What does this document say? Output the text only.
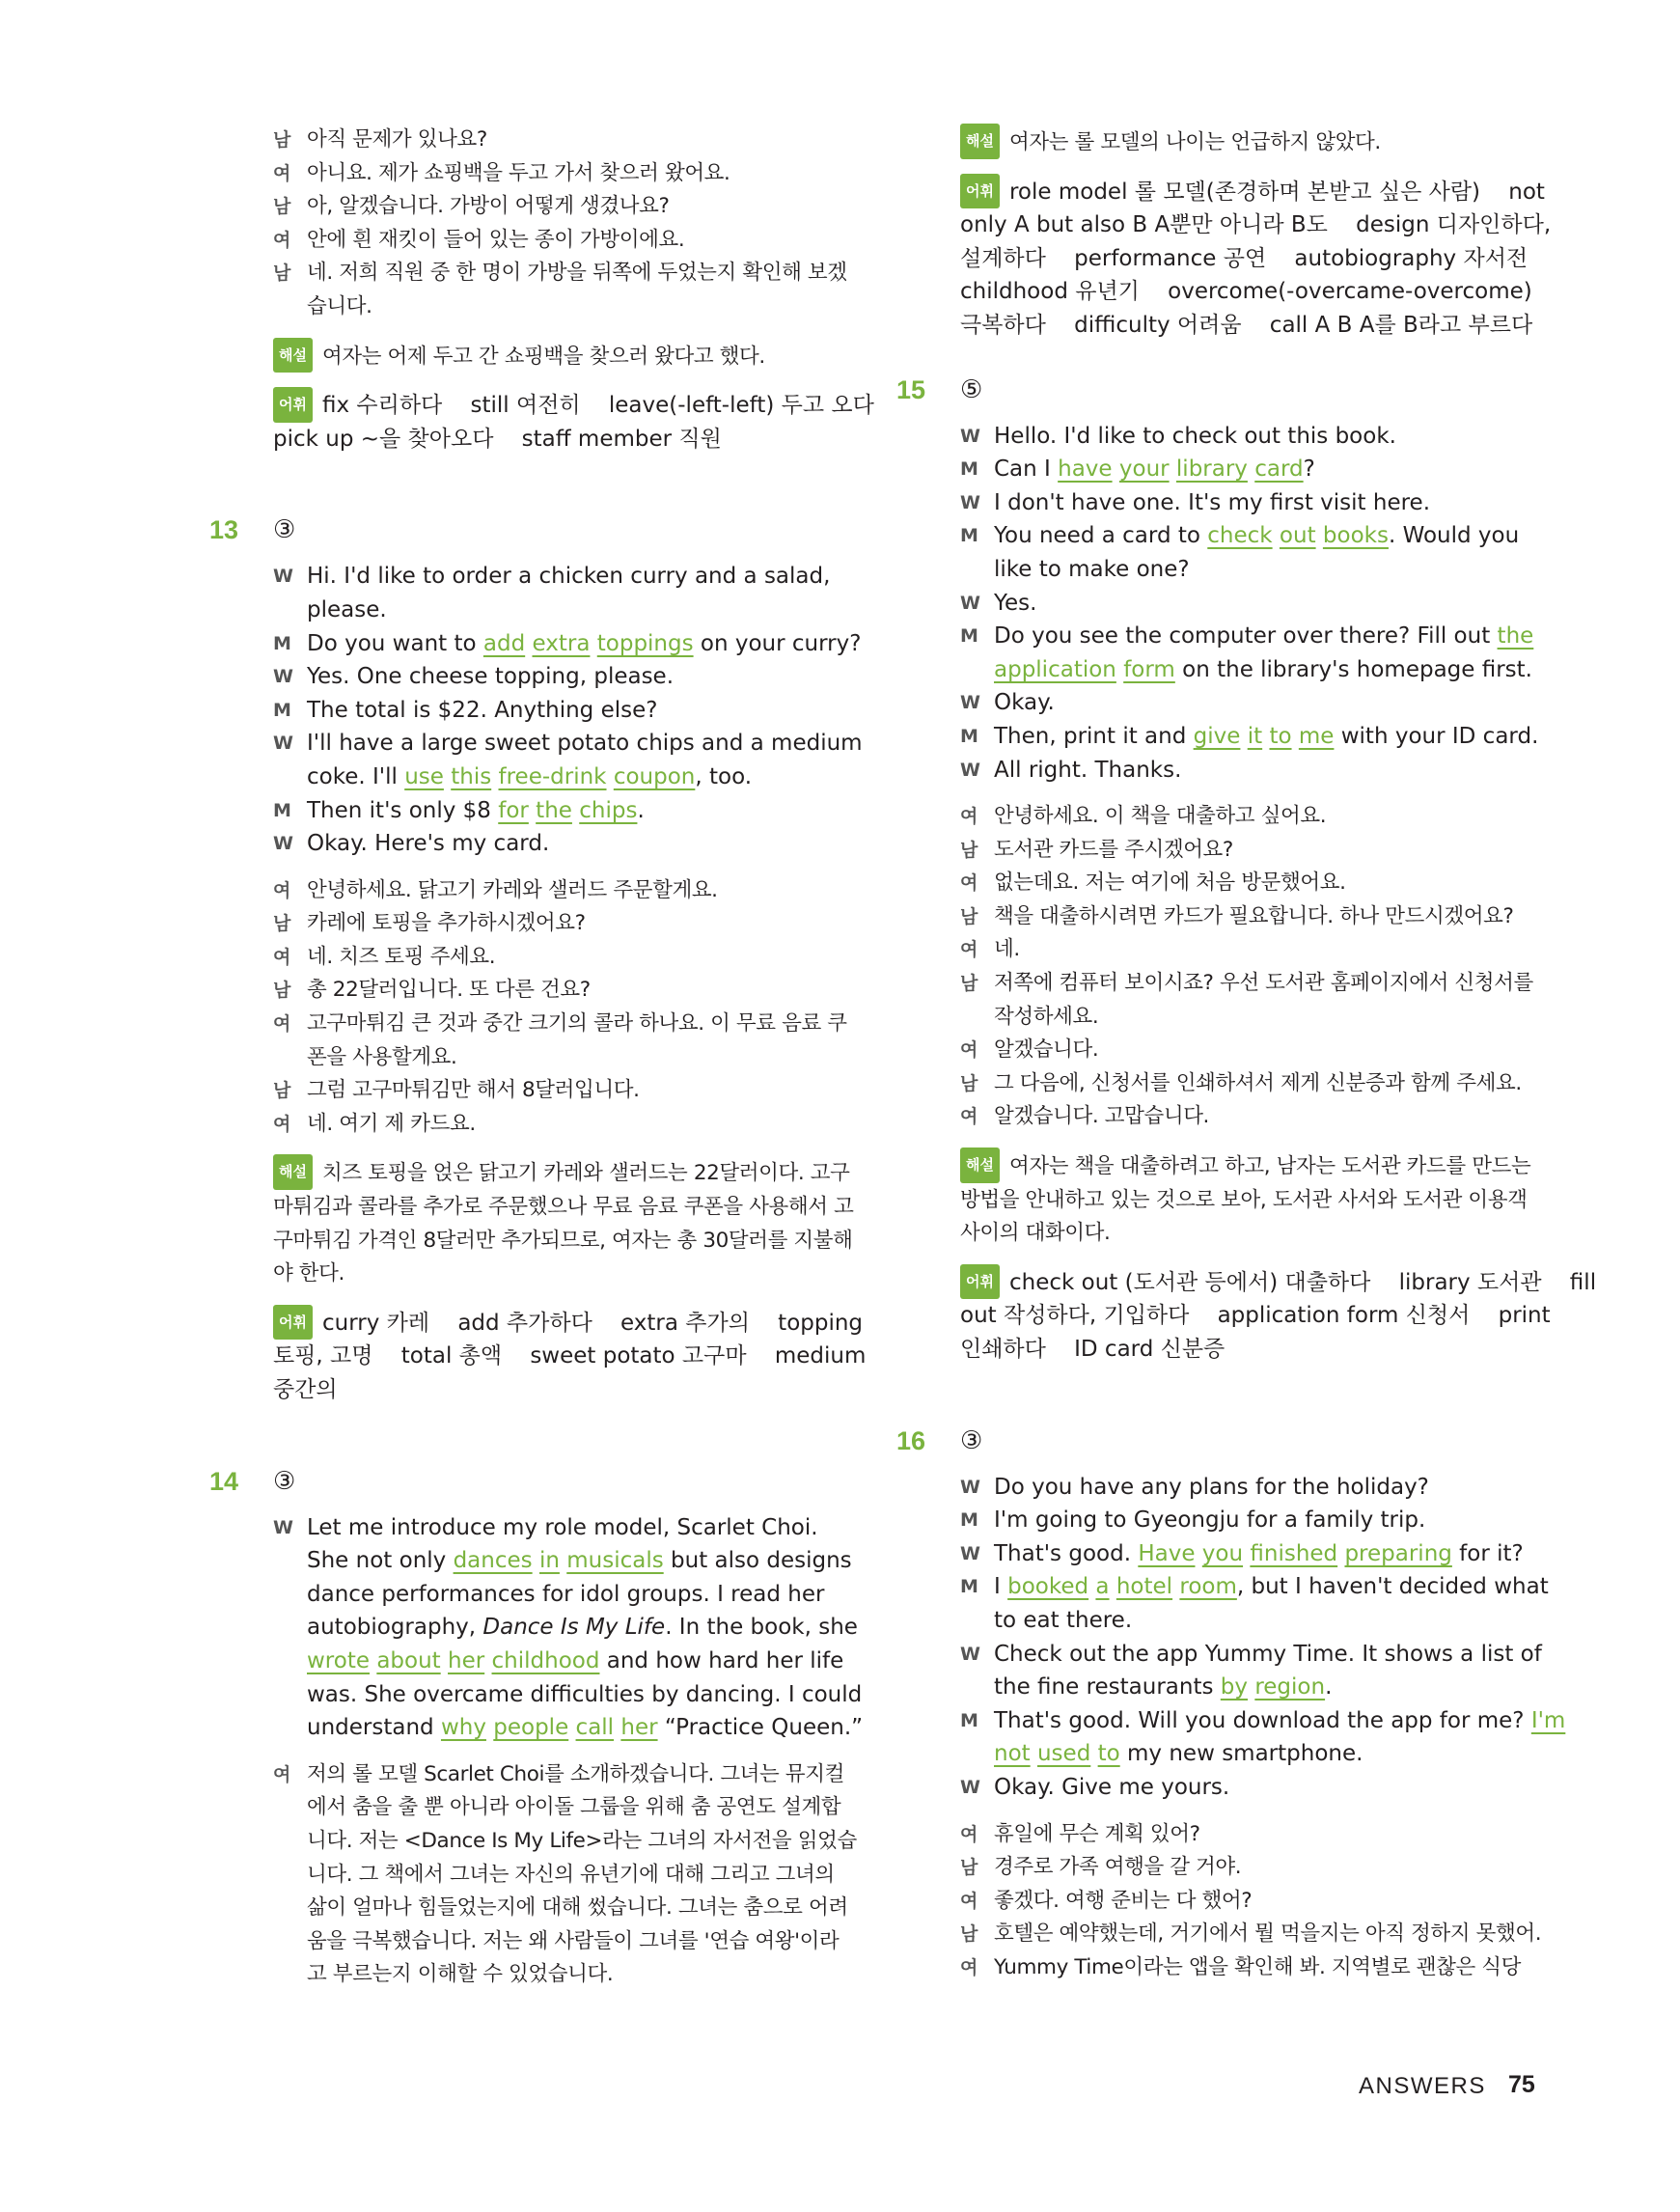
남 아직 문제가 있나요?
여 아니요. 제가 쇼핑백을 두고 가서 찾으러 왔어요.
남 아, 알겠습니다. 가방이 어떻게 생겼나요?
여 안에 흰 재킷이 들어 있는 종이 가방이에요.
남 네. 저희 직원 중 한 명이 가방을 뒤쪽에 두었는지 확인해 보겠
습니다.
해설 여자는 어제 두고 간 쇼핑백을 찾으러 왔다고 했다.
어휘 fix 수리하다    still 여전히    leave(-left-left) 두고 오다
pick up ~을 찾아오다    staff member 직원
13 ③
W Hi. I'd like to order a chicken curry and a salad,
please.
M Do you want to add extra toppings on your curry?
W Yes. One cheese topping, please.
M The total is $22. Anything else?
W I'll have a large sweet potato chips and a medium
coke. I'll use this free-drink coupon, too.
M Then it's only $8 for the chips.
W Okay. Here's my card.
여 안녕하세요. 닭고기 카레와 샐러드 주문할게요.
남 카레에 토핑을 추가하시겠어요?
여 네. 치즈 토핑 주세요.
남 총 22달러입니다. 또 다른 건요?
여 고구마튀김 큰 것과 중간 크기의 콜라 하나요. 이 무료 음료 쿠
폰을 사용할게요.
남 그럼 고구마튀김만 해서 8달러입니다.
여 네. 여기 제 카드요.
해설 치즈 토핑을 얹은 닭고기 카레와 샐러드는 22달러이다. 고구
마튀김과 콜라를 추가로 주문했으나 무료 음료 쿠폰을 사용해서 고
구마튀김 가격인 8달러만 추가되므로, 여자는 총 30달러를 지불해
야 한다.
어휘 curry 카레    add 추가하다    extra 추가의    topping
토핑, 고명    total 총액    sweet potato 고구마    medium
중간의
14 ③
W Let me introduce my role model, Scarlet Choi.
She not only dances in musicals but also designs
dance performances for idol groups. I read her
autobiography, Dance Is My Life. In the book, she
wrote about her childhood and how hard her life
was. She overcame difficulties by dancing. I could
understand why people call her “Practice Queen.”
여 저의 롤 모델 Scarlet Choi를 소개하겠습니다. 그녀는 뮤지컬
에서 춤을 출 뿐 아니라 아이돌 그룹을 위해 춤 공연도 설계합
니다. 저는 <Dance Is My Life>라는 그녀의 자서전을 읽었습
니다. 그 책에서 그녀는 자신의 유년기에 대해 그리고 그녀의
삶이 얼마나 힘들었는지에 대해 썼습니다. 그녀는 춤으로 어려
움을 극복했습니다. 저는 왜 사람들이 그녀를 '연습 여왕'이라
고 부르는지 이해할 수 있었습니다.
해설 여자는 롤 모델의 나이는 언급하지 않았다.
어휘 role model 롤 모델(존경하며 본받고 싶은 사람)    not
only A but also B A뿐만 아니라 B도    design 디자인하다,
설계하다    performance 공연    autobiography 자서전
childhood 유년기    overcome(-overcame-overcome)
극복하다    difficulty 어려움    call A B A를 B라고 부르다
15 ⑤
W Hello. I'd like to check out this book.
M Can I have your library card?
W I don't have one. It's my first visit here.
M You need a card to check out books. Would you
like to make one?
W Yes.
M Do you see the computer over there? Fill out the
application form on the library's homepage first.
W Okay.
M Then, print it and give it to me with your ID card.
W All right. Thanks.
여 안녕하세요. 이 책을 대출하고 싶어요.
남 도서관 카드를 주시겠어요?
여 없는데요. 저는 여기에 처음 방문했어요.
남 책을 대출하시려면 카드가 필요합니다. 하나 만드시겠어요?
여 네.
남 저쪽에 컴퓨터 보이시죠? 우선 도서관 홈페이지에서 신청서를
작성하세요.
여 알겠습니다.
남 그 다음에, 신청서를 인쇄하셔서 제게 신분증과 함께 주세요.
여 알겠습니다. 고맙습니다.
해설 여자는 책을 대출하려고 하고, 남자는 도서관 카드를 만드는
방법을 안내하고 있는 것으로 보아, 도서관 사서와 도서관 이용객
사이의 대화이다.
어휘 check out (도서관 등에서) 대출하다    library 도서관    fill
out 작성하다, 기입하다    application form 신청서    print
인쇄하다    ID card 신분증
16 ③
W Do you have any plans for the holiday?
M I'm going to Gyeongju for a family trip.
W That's good. Have you finished preparing for it?
M I booked a hotel room, but I haven't decided what
to eat there.
W Check out the app Yummy Time. It shows a list of
the fine restaurants by region.
M That's good. Will you download the app for me? I'm
not used to my new smartphone.
W Okay. Give me yours.
여 휴일에 무슨 계획 있어?
남 경주로 가족 여행을 갈 거야.
여 좋겠다. 여행 준비는 다 했어?
남 호텔은 예약했는데, 거기에서 뭘 먹을지는 아직 정하지 못했어.
여 Yummy Time이라는 앱을 확인해 봐. 지역별로 괜찮은 식당
ANSWERS 75
